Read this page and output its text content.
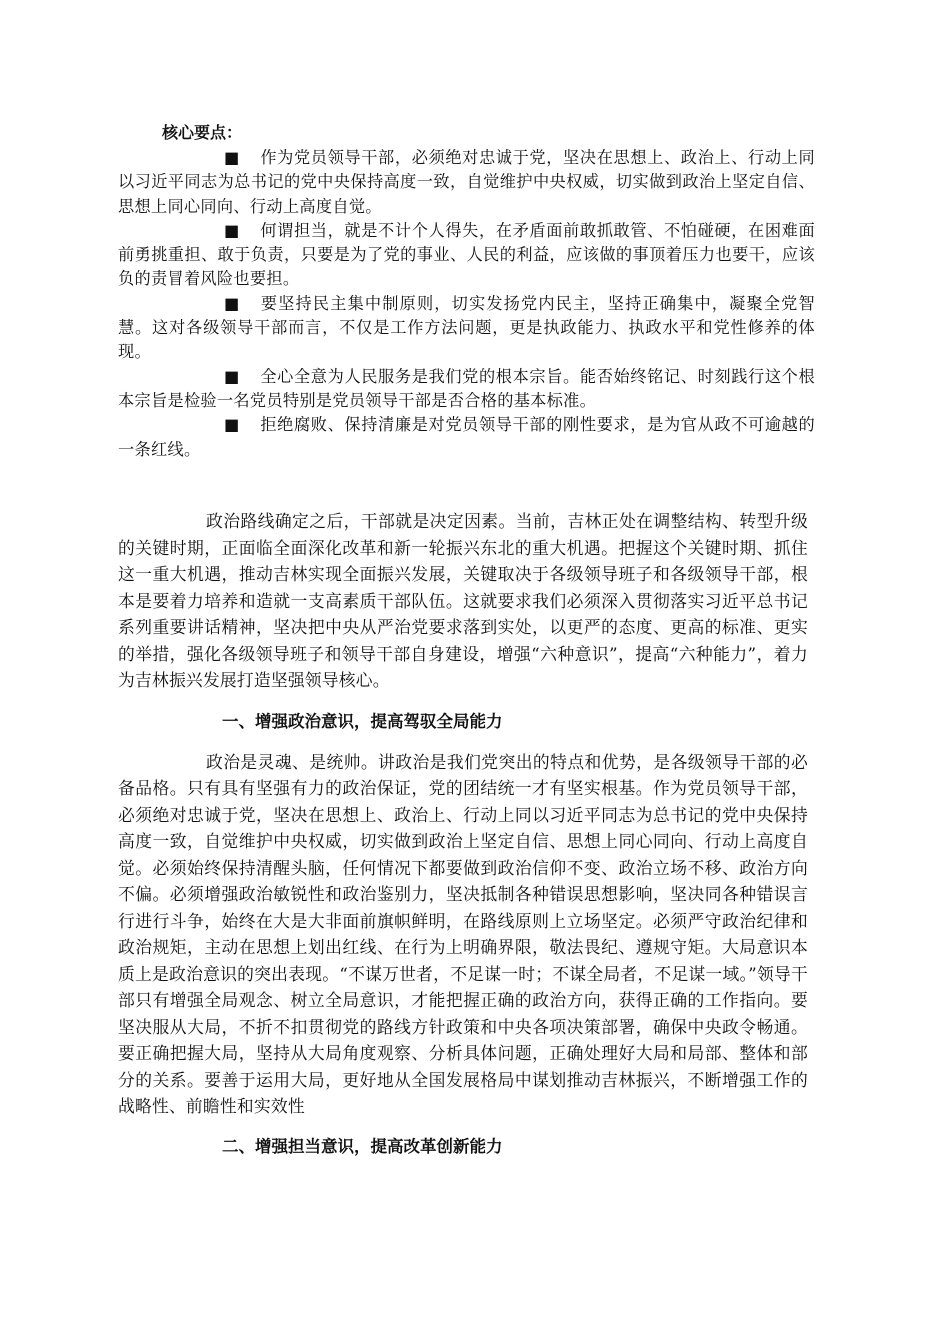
核心要点：

■ 作为党员领导干部，必须绝对忠诚于党，坚决在思想上、政治上、行动上同以习近平同志为总书记的党中央保持高度一致，自觉维护中央权威，切实做到政治上坚定自信、思想上同心同向、行动上高度自觉。

■ 何谓担当，就是不计个人得失，在矛盾面前敢抓敢管、不怕碰硬，在困难面前勇挑重担、敢于负责，只要是为了党的事业、人民的利益，应该做的事顶着压力也要干，应该负的责冒着风险也要担。

■ 要坚持民主集中制原则，切实发扬党内民主，坚持正确集中，凝聚全党智慧。这对各级领导干部而言，不仅是工作方法问题，更是执政能力、执政水平和党性修养的体现。

■ 全心全意为人民服务是我们党的根本宗旨。能否始终铭记、时刻践行这个根本宗旨是检验一名党员特别是党员领导干部是否合格的基本标准。

■ 拒绝腐败、保持清廉是对党员领导干部的刚性要求，是为官从政不可逾越的一条红线。

政治路线确定之后，干部就是决定因素。当前，吉林正处在调整结构、转型升级的关键时期，正面临全面深化改革和新一轮振兴东北的重大机遇。把握这个关键时期、抓住这一重大机遇，推动吉林实现全面振兴发展，关键取决于各级领导班子和各级领导干部，根本是要着力培养和造就一支高素质干部队伍。这就要求我们必须深入贯彻落实习近平总书记系列重要讲话精神，坚决把中央从严治党要求落到实处，以更严的态度、更高的标准、更实的举措，强化各级领导班子和领导干部自身建设，增强“六种意识”，提高“六种能力”，着力为吉林振兴发展打造坚强领导核心。

一、增强政治意识，提高驾驭全局能力

政治是灵魂、是统帅。讲政治是我们党突出的特点和优势，是各级领导干部的必备品格。只有具有坚强有力的政治保证，党的团结统一才有坚实根基。作为党员领导干部，必须绝对忠诚于党，坚决在思想上、政治上、行动上同以习近平同志为总书记的党中央保持高度一致，自觉维护中央权威，切实做到政治上坚定自信、思想上同心同向、行动上高度自觉。必须始终保持清醒头脑，任何情况下都要做到政治信仰不变、政治立场不移、政治方向不偏。必须增强政治敏锐性和政治鉴别力，坚决抵制各种错误思想影响，坚决同各种错误言行进行斗争，始终在大是大非面前旗帜鲜明，在路线原则上立场坚定。必须严守政治纪律和政治规矩，主动在思想上划出红线、在行为上明确界限，敬法畏纪、遵规守矩。大局意识本质上是政治意识的突出表现。“不谋万世者，不足谋一时；不谋全局者，不足谋一域。”领导干部只有增强全局观念、树立全局意识，才能把握正确的政治方向，获得正确的工作指向。要坚决服从大局，不折不扣贯彻党的路线方针政策和中央各项决策部署，确保中央政令畅通。要正确把握大局，坚持从大局角度观察、分析具体问题，正确处理好大局和局部、整体和部分的关系。要善于运用大局，更好地从全国发展格局中谋划推动吉林振兴，不断增强工作的战略性、前瞻性和实效性

二、增强担当意识，提高改革创新能力
